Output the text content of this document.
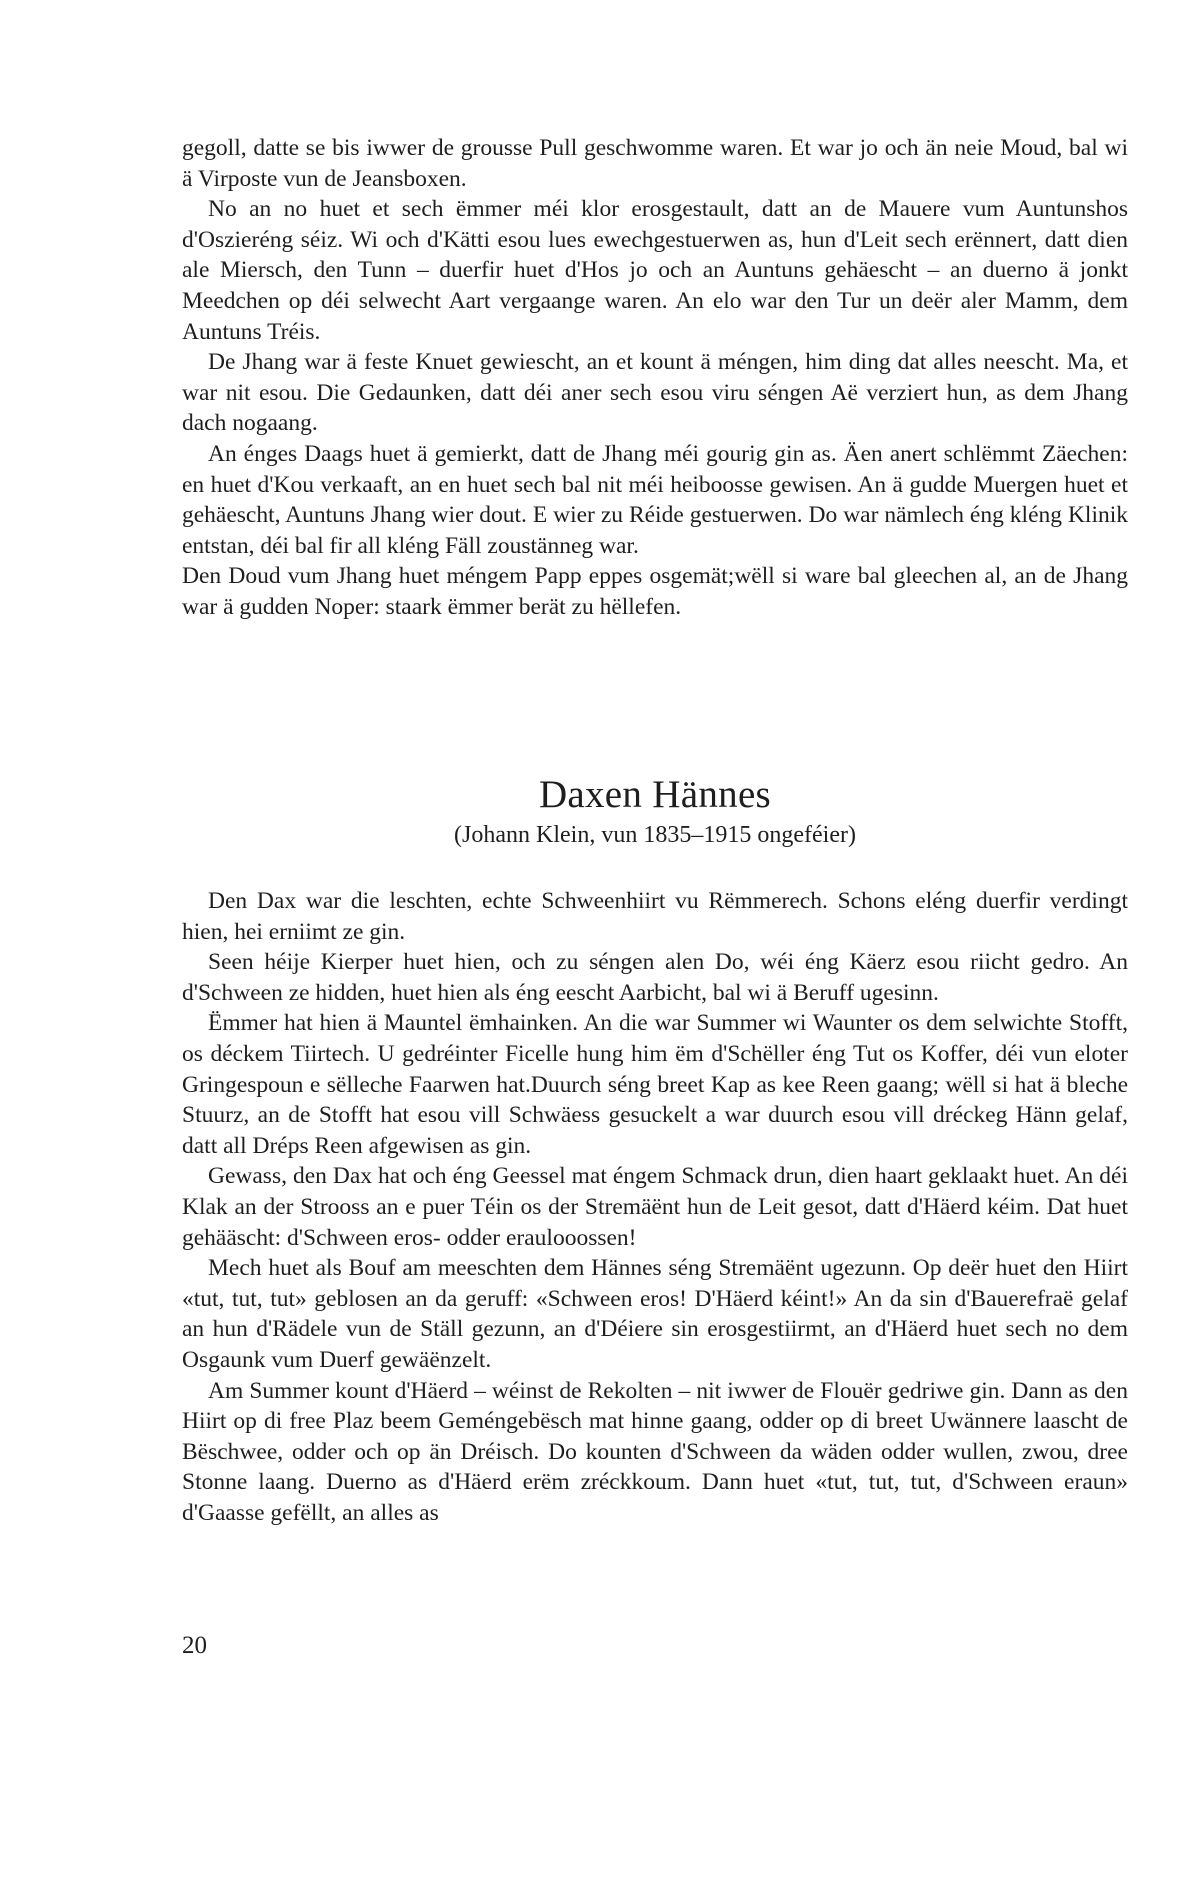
gegoll, datte se bis iwwer de grousse Pull geschwomme waren. Et war jo och än neie Moud, bal wi ä Virposte vun de Jeansboxen.

No an no huet et sech ëmmer méi klor erosgestault, datt an de Mauere vum Auntunshos d'Oszieréng séiz. Wi och d'Kätti esou lues ewechgestuerwen as, hun d'Leit sech erënnert, datt dien ale Miersch, den Tunn – duerfir huet d'Hos jo och an Auntuns gehäescht – an duerno ä jonkt Meedchen op déi selwecht Aart vergaange waren. An elo war den Tur un deër aler Mamm, dem Auntuns Tréis.

De Jhang war ä feste Knuet gewiescht, an et kount ä méngen, him ding dat alles neescht. Ma, et war nit esou. Die Gedaunken, datt déi aner sech esou viru séngen Aë verziert hun, as dem Jhang dach nogaang.

An énges Daags huet ä gemierkt, datt de Jhang méi gourig gin as. Äen anert schlëmmt Zäechen: en huet d'Kou verkaaft, an en huet sech bal nit méi heiboosse gewisen. An ä gudde Muergen huet et gehäescht, Auntuns Jhang wier dout. E wier zu Réide gestuerwen. Do war nämlech éng kléng Klinik entstan, déi bal fir all kléng Fäll zoustänneg war.

Den Doud vum Jhang huet méngem Papp eppes osgemät;wëll si ware bal gleechen al, an de Jhang war ä gudden Noper: staark ëmmer berät zu hëllefen.

Daxen Hännes
(Johann Klein, vun 1835–1915 ongeféier)

Den Dax war die leschten, echte Schweenhiirt vu Rëmmerech. Schons eléng duerfir verdingt hien, hei erniimt ze gin.

Seen héije Kierper huet hien, och zu séngen alen Do, wéi éng Käerz esou riicht gedro. An d'Schween ze hidden, huet hien als éng eescht Aarbicht, bal wi ä Beruff ugesinn.

Ëmmer hat hien ä Mauntel ëmhainken. An die war Summer wi Waunter os dem selwichte Stofft, os déckem Tiirtech. U gedréinter Ficelle hung him ëm d'Schëller éng Tut os Koffer, déi vun eloter Gringespoun e sëlleche Faarwen hat.Duurch séng breet Kap as kee Reen gaang; wëll si hat ä bleche Stuurz, an de Stofft hat esou vill Schwäess gesuckelt a war duurch esou vill dréckeg Hänn gelaf, datt all Dréps Reen afgewisen as gin.

Gewass, den Dax hat och éng Geessel mat éngem Schmack drun, dien haart geklaakt huet. An déi Klak an der Strooss an e puer Téin os der Stremäënt hun de Leit gesot, datt d'Häerd kéim. Dat huet gehääscht: d'Schween eros- odder eraulooossen!

Mech huet als Bouf am meeschten dem Hännes séng Stremäënt ugezunn. Op deër huet den Hiirt «tut, tut, tut» geblosen an da geruff: «Schween eros! D'Häerd kéint!» An da sin d'Bauerefraë gelaf an hun d'Rädele vun de Ställ gezunn, an d'Déiere sin erosgestiirmt, an d'Häerd huet sech no dem Osgaunk vum Duerf gewäënzelt.

Am Summer kount d'Häerd – wéinst de Rekolten – nit iwwer de Flouër gedriwe gin. Dann as den Hiirt op di free Plaz beem Geméngebësch mat hinne gaang, odder op di breet Uwännere laascht de Bëschwee, odder och op än Dréisch. Do kounten d'Schween da wäden odder wullen, zwou, dree Stonne laang. Duerno as d'Häerd erëm zréckkoum. Dann huet «tut, tut, tut, d'Schween eraun» d'Gaasse gefëllt, an alles as

20
